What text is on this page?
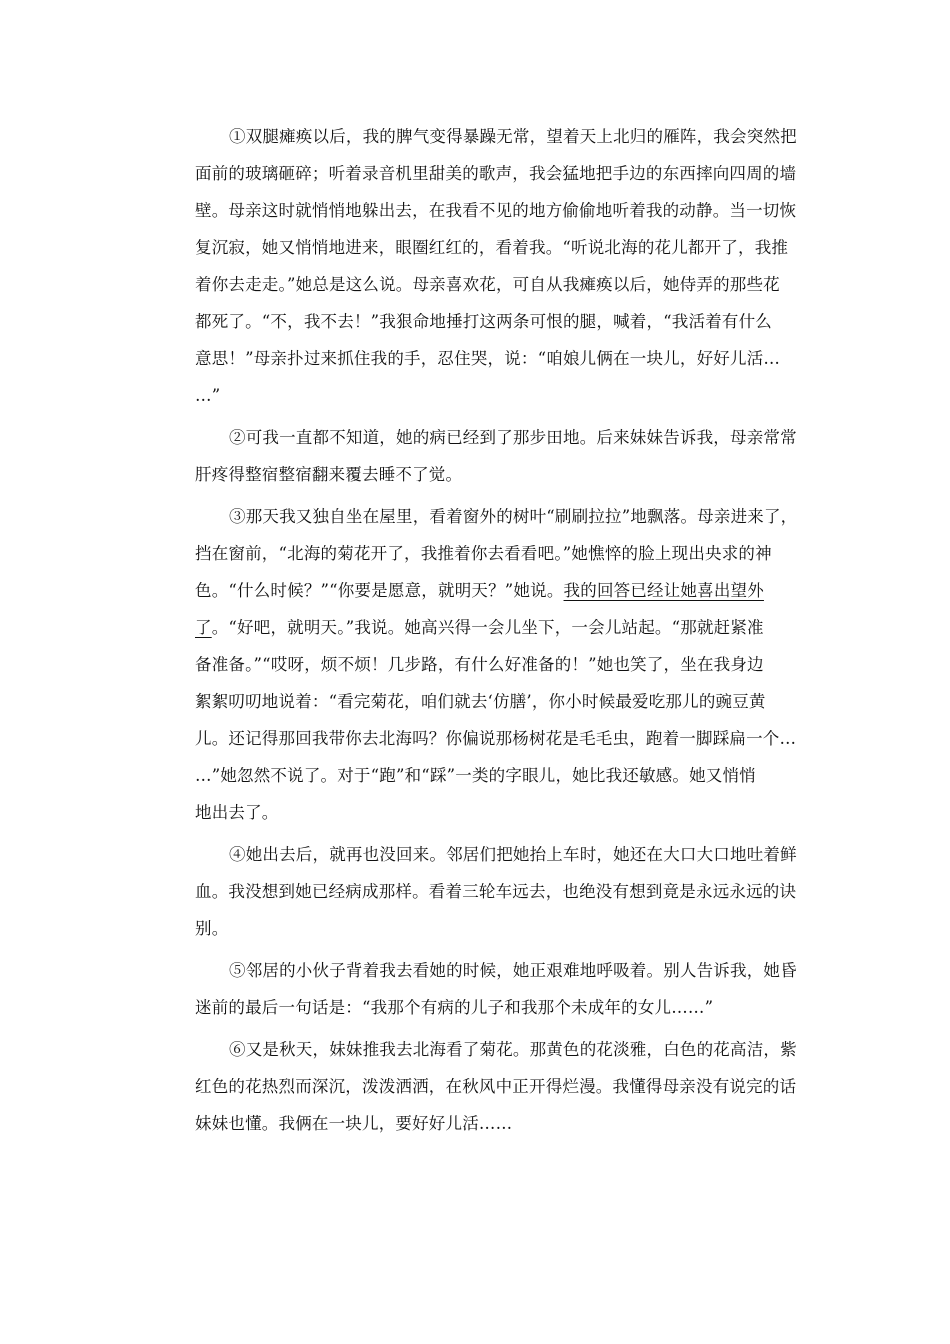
①双腿瘫痪以后，我的脾气变得暴躁无常，望着天上北归的雁阵，我会突然把
面前的玻璃砸碎；听着录音机里甜美的歌声，我会猛地把手边的东西摔向四周的墙
壁。母亲这时就悄悄地躲出去，在我看不见的地方偷偷地听着我的动静。当一切恢
复沉寂，她又悄悄地进来，眼圈红红的，看着我。“听说北海的花儿都开了，我推
着你去走走。”她总是这么说。母亲喜欢花，可自从我瘫痪以后，她侍弄的那些花
都死了。“不，我不去！”我狠命地捶打这两条可恨的腿，喊着，“我活着有什么
意思！”母亲扑过来抓住我的手，忍住哭，说：“咱娘儿俩在一块儿，好好儿活…
…”
②可我一直都不知道，她的病已经到了那步田地。后来妹妹告诉我，母亲常常
肝疼得整宿整宿翻来覆去睡不了觉。
③那天我又独自坐在屋里，看着窗外的树叶“刷刷拉拉”地飘落。母亲进来了，
挡在窗前，“北海的菊花开了，我推着你去看看吧。”她憔悴的脸上现出央求的神
色。“什么时候？”“你要是愿意，就明天？”她说。我的回答已经让她喜出望外
了。“好吧，就明天。”我说。她高兴得一会儿坐下，一会儿站起。“那就赶紧准
备准备。”“哎呀，烦不烦！几步路，有什么好准备的！”她也笑了，坐在我身边
絮絮叨叨地说着：“看完菊花，咱们就去‘仿膳’，你小时候最爱吃那儿的豌豆黄
儿。还记得那回我带你去北海吗？你偏说那杨树花是毛毛虫，跑着一脚踩扁一个…
…”她忽然不说了。对于“跑”和“踩”一类的字眼儿，她比我还敏感。她又悄悄
地出去了。
④她出去后，就再也没回来。邻居们把她抬上车时，她还在大口大口地吐着鲜
血。我没想到她已经病成那样。看着三轮车远去，也绝没有想到竟是永远永远的诀
别。
⑤邻居的小伙子背着我去看她的时候，她正艰难地呼吸着。别人告诉我，她昏
迷前的最后一句话是：“我那个有病的儿子和我那个未成年的女儿……”
⑥又是秋天，妹妹推我去北海看了菊花。那黄色的花淡雅，白色的花高洁，紫
红色的花热烈而深沉，泼泼洒洒，在秋风中正开得烂漫。我懂得母亲没有说完的话
妹妹也懂。我俩在一块儿，要好好儿活……
